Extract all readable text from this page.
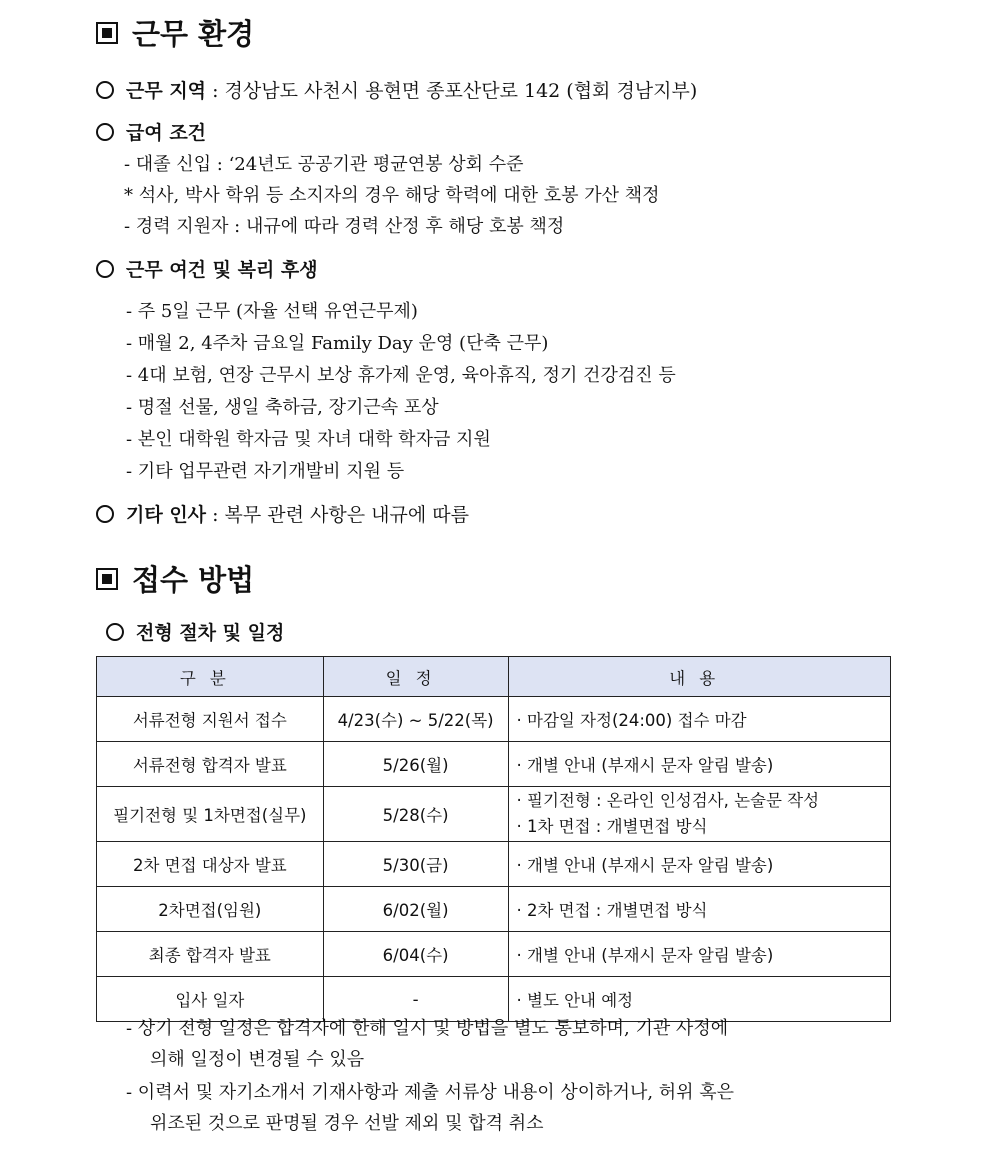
근무 환경
근무 지역 : 경상남도 사천시 용현면 종포산단로 142 (협회 경남지부)
급여 조건
- 대졸 신입 : ‘24년도 공공기관 평균연봉 상회 수준
* 석사, 박사 학위 등 소지자의 경우 해당 학력에 대한 호봉 가산 책정
- 경력 지원자 : 내규에 따라 경력 산정 후 해당 호봉 책정
근무 여건 및 복리 후생
- 주 5일 근무 (자율 선택 유연근무제)
- 매월 2, 4주차 금요일 Family Day 운영 (단축 근무)
- 4대 보험, 연장 근무시 보상 휴가제 운영, 육아휴직, 정기 건강검진 등
- 명절 선물, 생일 축하금, 장기근속 포상
- 본인 대학원 학자금 및 자녀 대학 학자금 지원
- 기타 업무관련 자기개발비 지원 등
기타 인사 : 복무 관련 사항은 내규에 따름
접수 방법
전형 절차 및 일정
구분	일정	내용
서류전형 지원서 접수	4/23(수) ~ 5/22(목)	· 마감일 자정(24:00) 접수 마감
서류전형 합격자 발표	5/26(월)	· 개별 안내 (부재시 문자 알림 발송)
필기전형 및 1차면접(실무)	5/28(수)	· 필기전형 : 온라인 인성검사, 논술문 작성
· 1차 면접 : 개별면접 방식

2차 면접 대상자 발표	5/30(금)	· 개별 안내 (부재시 문자 알림 발송)
2차면접(임원)	6/02(월)	· 2차 면접 : 개별면접 방식
최종 합격자 발표	6/04(수)	· 개별 안내 (부재시 문자 알림 발송)
입사 일자	-	· 별도 안내 예정
- 상기 전형 일정은 합격자에 한해 일시 및 방법을 별도 통보하며, 기관 사정에
의해 일정이 변경될 수 있음
- 이력서 및 자기소개서 기재사항과 제출 서류상 내용이 상이하거나, 허위 혹은
위조된 것으로 판명될 경우 선발 제외 및 합격 취소
